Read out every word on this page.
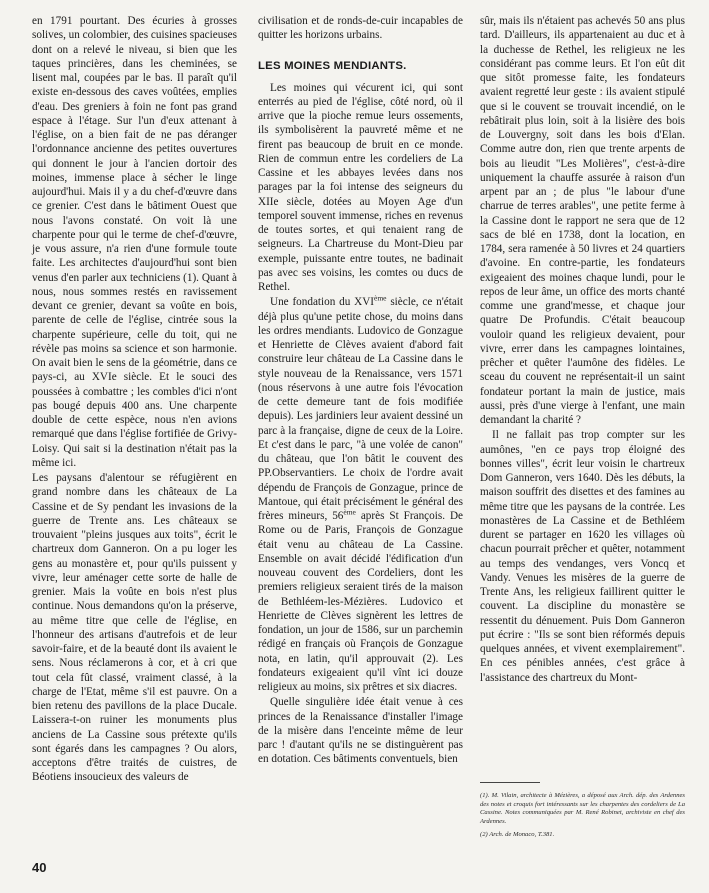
en 1791 pourtant. Des écuries à grosses solives, un colombier, des cuisines spacieuses dont on a relevé le niveau, si bien que les taques princières, dans les cheminées, se lisent mal, coupées par le bas. Il paraît qu'il existe en-dessous des caves voûtées, emplies d'eau. Des greniers à foin ne font pas grand espace à l'étage. Sur l'un d'eux attenant à l'église, on a bien fait de ne pas déranger l'ordonnance ancienne des petites ouvertures qui donnent le jour à l'ancien dortoir des moines, immense place à sécher le linge aujourd'hui. Mais il y a du chef-d'œuvre dans ce grenier. C'est dans le bâtiment Ouest que nous l'avons constaté. On voit là une charpente pour qui le terme de chef-d'œuvre, je vous assure, n'a rien d'une formule toute faite. Les architectes d'aujourd'hui sont bien venus d'en parler aux techniciens (1). Quant à nous, nous sommes restés en ravissement devant ce grenier, devant sa voûte en bois, parente de celle de l'église, cintrée sous la charpente supérieure, celle du toit, qui ne révèle pas moins sa science et son harmonie. On avait bien le sens de la géométrie, dans ce pays-ci, au XVIe siècle. Et le souci des poussées à combattre ; les combles d'ici n'ont pas bougé depuis 400 ans. Une charpente double de cette espèce, nous n'en avions remarqué que dans l'église fortifiée de Grivy-Loisy. Qui sait si la destination n'était pas la même ici.

Les paysans d'alentour se réfugièrent en grand nombre dans les châteaux de La Cassine et de Sy pendant les invasions de la guerre de Trente ans. Les châteaux se trouvaient "pleins jusques aux toits", écrit le chartreux dom Ganneron. On a pu loger les gens au monastère et, pour qu'ils puissent y vivre, leur aménager cette sorte de halle de grenier. Mais la voûte en bois n'est plus continue. Nous demandons qu'on la préserve, au même titre que celle de l'église, en l'honneur des artisans d'autrefois et de leur savoir-faire, et de la beauté dont ils avaient le sens. Nous réclamerons à cor, et à cri que tout cela fût classé, vraiment classé, à la charge de l'Etat, même s'il est pauvre. On a bien retenu des pavillons de la place Ducale. Laissera-t-on ruiner les monuments plus anciens de La Cassine sous prétexte qu'ils sont égarés dans les campagnes ? Ou alors, acceptons d'être traités de cuistres, de Béotiens insoucieux des valeurs de

civilisation et de ronds-de-cuir incapables de quitter les horizons urbains.

LES MOINES MENDIANTS.

Les moines qui vécurent ici, qui sont enterrés au pied de l'église, côté nord, où il arrive que la pioche remue leurs ossements, ils symbolisèrent la pauvreté même et ne firent pas beaucoup de bruit en ce monde. Rien de commun entre les cordeliers de La Cassine et les abbayes levées dans nos parages par la foi intense des seigneurs du XIIe siècle, dotées au Moyen Age d'un temporel souvent immense, riches en revenus de toutes sortes, et qui tenaient rang de seigneurs. La Chartreuse du Mont-Dieu par exemple, puissante entre toutes, ne badinait pas avec ses voisins, les comtes ou ducs de Rethel.

Une fondation du XVIème siècle, ce n'était déjà plus qu'une petite chose, du moins dans les ordres mendiants. Ludovico de Gonzague et Henriette de Clèves avaient d'abord fait construire leur château de La Cassine dans le style nouveau de la Renaissance, vers 1571 (nous réservons à une autre fois l'évocation de cette demeure tant de fois modifiée depuis). Les jardiniers leur avaient dessiné un parc à la française, digne de ceux de la Loire. Et c'est dans le parc, "à une volée de canon" du château, que l'on bâtit le couvent des PP.Observantiers. Le choix de l'ordre avait dépendu de François de Gonzague, prince de Mantoue, qui était précisément le général des frères mineurs, 56ème après St François. De Rome ou de Paris, François de Gonzague était venu au château de La Cassine. Ensemble on avait décidé l'édification d'un nouveau couvent des Cordeliers, dont les premiers religieux seraient tirés de la maison de Bethléem-les-Mézières. Ludovico et Henriette de Clèves signèrent les lettres de fondation, un jour de 1586, sur un parchemin rédigé en français où François de Gonzague nota, en latin, qu'il approuvait (2). Les fondateurs exigeaient qu'il vînt ici douze religieux au moins, six prêtres et six diacres.

Quelle singulière idée était venue à ces princes de la Renaissance d'installer l'image de la misère dans l'enceinte même de leur parc ! d'autant qu'ils ne se distinguèrent pas en dotation. Ces bâtiments conventuels, bien

sûr, mais ils n'étaient pas achevés 50 ans plus tard. D'ailleurs, ils appartenaient au duc et à la duchesse de Rethel, les religieux ne les considérant pas comme leurs. Et l'on eût dit que sitôt promesse faite, les fondateurs avaient regretté leur geste : ils avaient stipulé que si le couvent se trouvait incendié, on le rebâtirait plus loin, soit à la lisière des bois de Louvergny, soit dans les bois d'Elan. Comme autre don, rien que trente arpents de bois au lieudit "Les Molières", c'est-à-dire uniquement la chauffe assurée à raison d'un arpent par an ; de plus "le labour d'une charrue de terres arables", une petite ferme à la Cassine dont le rapport ne sera que de 12 sacs de blé en 1738, dont la location, en 1784, sera ramenée à 50 livres et 24 quartiers d'avoine. En contre-partie, les fondateurs exigeaient des moines chaque lundi, pour le repos de leur âme, un office des morts chanté comme une grand'messe, et chaque jour quatre De Profundis. C'était beaucoup vouloir quand les religieux devaient, pour vivre, errer dans les campagnes lointaines, prêcher et quêter l'aumône des fidèles. Le sceau du couvent ne représentait-il un saint fondateur portant la main de justice, mais aussi, près d'une vierge à l'enfant, une main demandant la charité ?

Il ne fallait pas trop compter sur les aumônes, "en ce pays trop éloigné des bonnes villes", écrit leur voisin le chartreux Dom Ganneron, vers 1640. Dès les débuts, la maison souffrit des disettes et des famines au même titre que les paysans de la contrée. Les monastères de La Cassine et de Bethléem durent se partager en 1620 les villages où chacun pourrait prêcher et quêter, notamment au temps des vendanges, vers Voncq et Vandy. Venues les misères de la guerre de Trente Ans, les religieux faillirent quitter le couvent. La discipline du monastère se ressentit du dénuement. Puis Dom Ganneron put écrire : "Ils se sont bien réformés depuis quelques années, et vivent exemplairement". En ces pénibles années, c'est grâce à l'assistance des chartreux du Mont-

(1). M. Vilain, architecte à Mézières, a déposé aux Arch. dép. des Ardennes des notes et croquis fort intéressants sur les charpentes des cordeliers de La Cassine. Notes communiquées par M. René Robinet, archiviste en chef des Ardennes.

(2) Arch. de Monaco, T.381.

40
